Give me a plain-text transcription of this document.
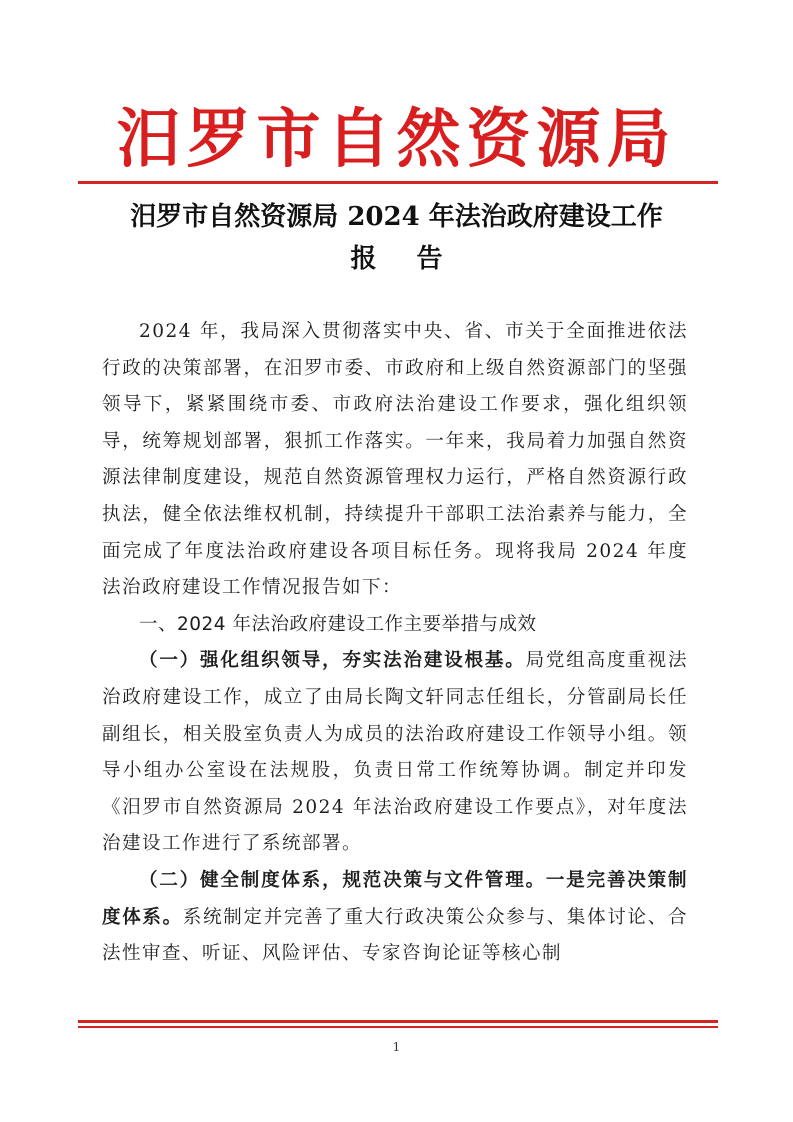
汨罗市自然资源局
汨罗市自然资源局 2024 年法治政府建设工作
报告

2024 年，我局深入贯彻落实中央、省、市关于全面推进依法行政的决策部署，在汨罗市委、市政府和上级自然资源部门的坚强领导下，紧紧围绕市委、市政府法治建设工作要求，强化组织领导，统筹规划部署，狠抓工作落实。一年来，我局着力加强自然资源法律制度建设，规范自然资源管理权力运行，严格自然资源行政执法，健全依法维权机制，持续提升干部职工法治素养与能力，全面完成了年度法治政府建设各项目标任务。现将我局 2024 年度法治政府建设工作情况报告如下：

一、2024 年法治政府建设工作主要举措与成效

（一）强化组织领导，夯实法治建设根基。局党组高度重视法治政府建设工作，成立了由局长陶文轩同志任组长，分管副局长任副组长，相关股室负责人为成员的法治政府建设工作领导小组。领导小组办公室设在法规股，负责日常工作统筹协调。制定并印发《汨罗市自然资源局 2024 年法治政府建设工作要点》，对年度法治建设工作进行了系统部署。

（二）健全制度体系，规范决策与文件管理。一是完善决策制度体系。系统制定并完善了重大行政决策公众参与、集体讨论、合法性审查、听证、风险评估、专家咨询论证等核心制

1
